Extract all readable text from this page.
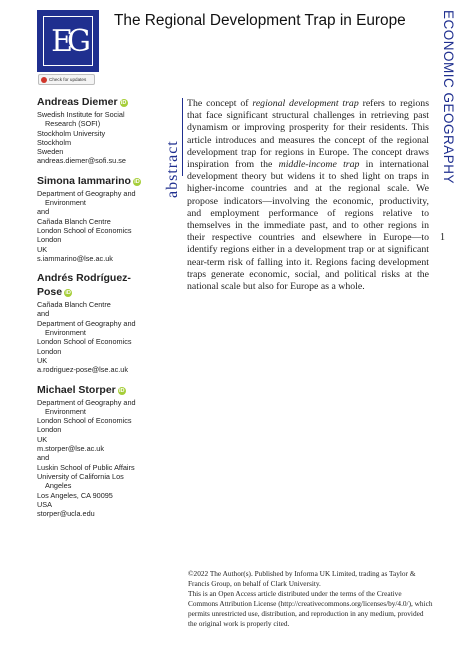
EG
The Regional Development Trap in Europe	ECONOMIC GEOGRAPHY
1
Check for updates
Andreas Diemer iD
Swedish Institute for Social
Research (SOFI)
Stockholm University
Stockholm
Sweden
andreas.diemer@sofi.su.se
Simona Iammarino iD
Department of Geography and
Environment
and
Cañada Blanch Centre
London School of Economics
London
UK
s.iammarino@lse.ac.uk
Andrés Rodríguez-
Pose iD
Cañada Blanch Centre
and
Department of Geography and
Environment
London School of Economics
London
UK
a.rodriguez-pose@lse.ac.uk
Michael Storper iD
Department of Geography and
Environment
London School of Economics
London
UK
m.storper@lse.ac.uk
and
Luskin School of Public Affairs
University of California Los
Angeles
Los Angeles, CA 90095
USA
storper@ucla.edu
abstract

The concept of regional development trap refers to regions that face significant structural challenges in retrieving past dynamism or improving prosperity for their residents. This article introduces and measures the concept of the regional development trap for regions in Europe. The concept draws inspiration from the middle-income trap in international development theory but widens it to shed light on traps in higher-income countries and at the regional scale. We propose indicators—involving the economic, productivity, and employment performance of regions relative to themselves in the immediate past, and to other regions in their respective countries and elsewhere in Europe—to identify regions either in a development trap or at significant near-term risk of falling into it. Regions facing development traps generate economic, social, and political risks at the national scale but also for Europe as a whole.

©2022 The Author(s). Published by Informa UK Limited, trading as Taylor & Francis Group, on behalf of Clark University.
This is an Open Access article distributed under the terms of the Creative Commons Attribution License (http://creativecommons.org/licenses/by/4.0/), which permits unrestricted use, distribution, and reproduction in any medium, provided the original work is properly cited.
